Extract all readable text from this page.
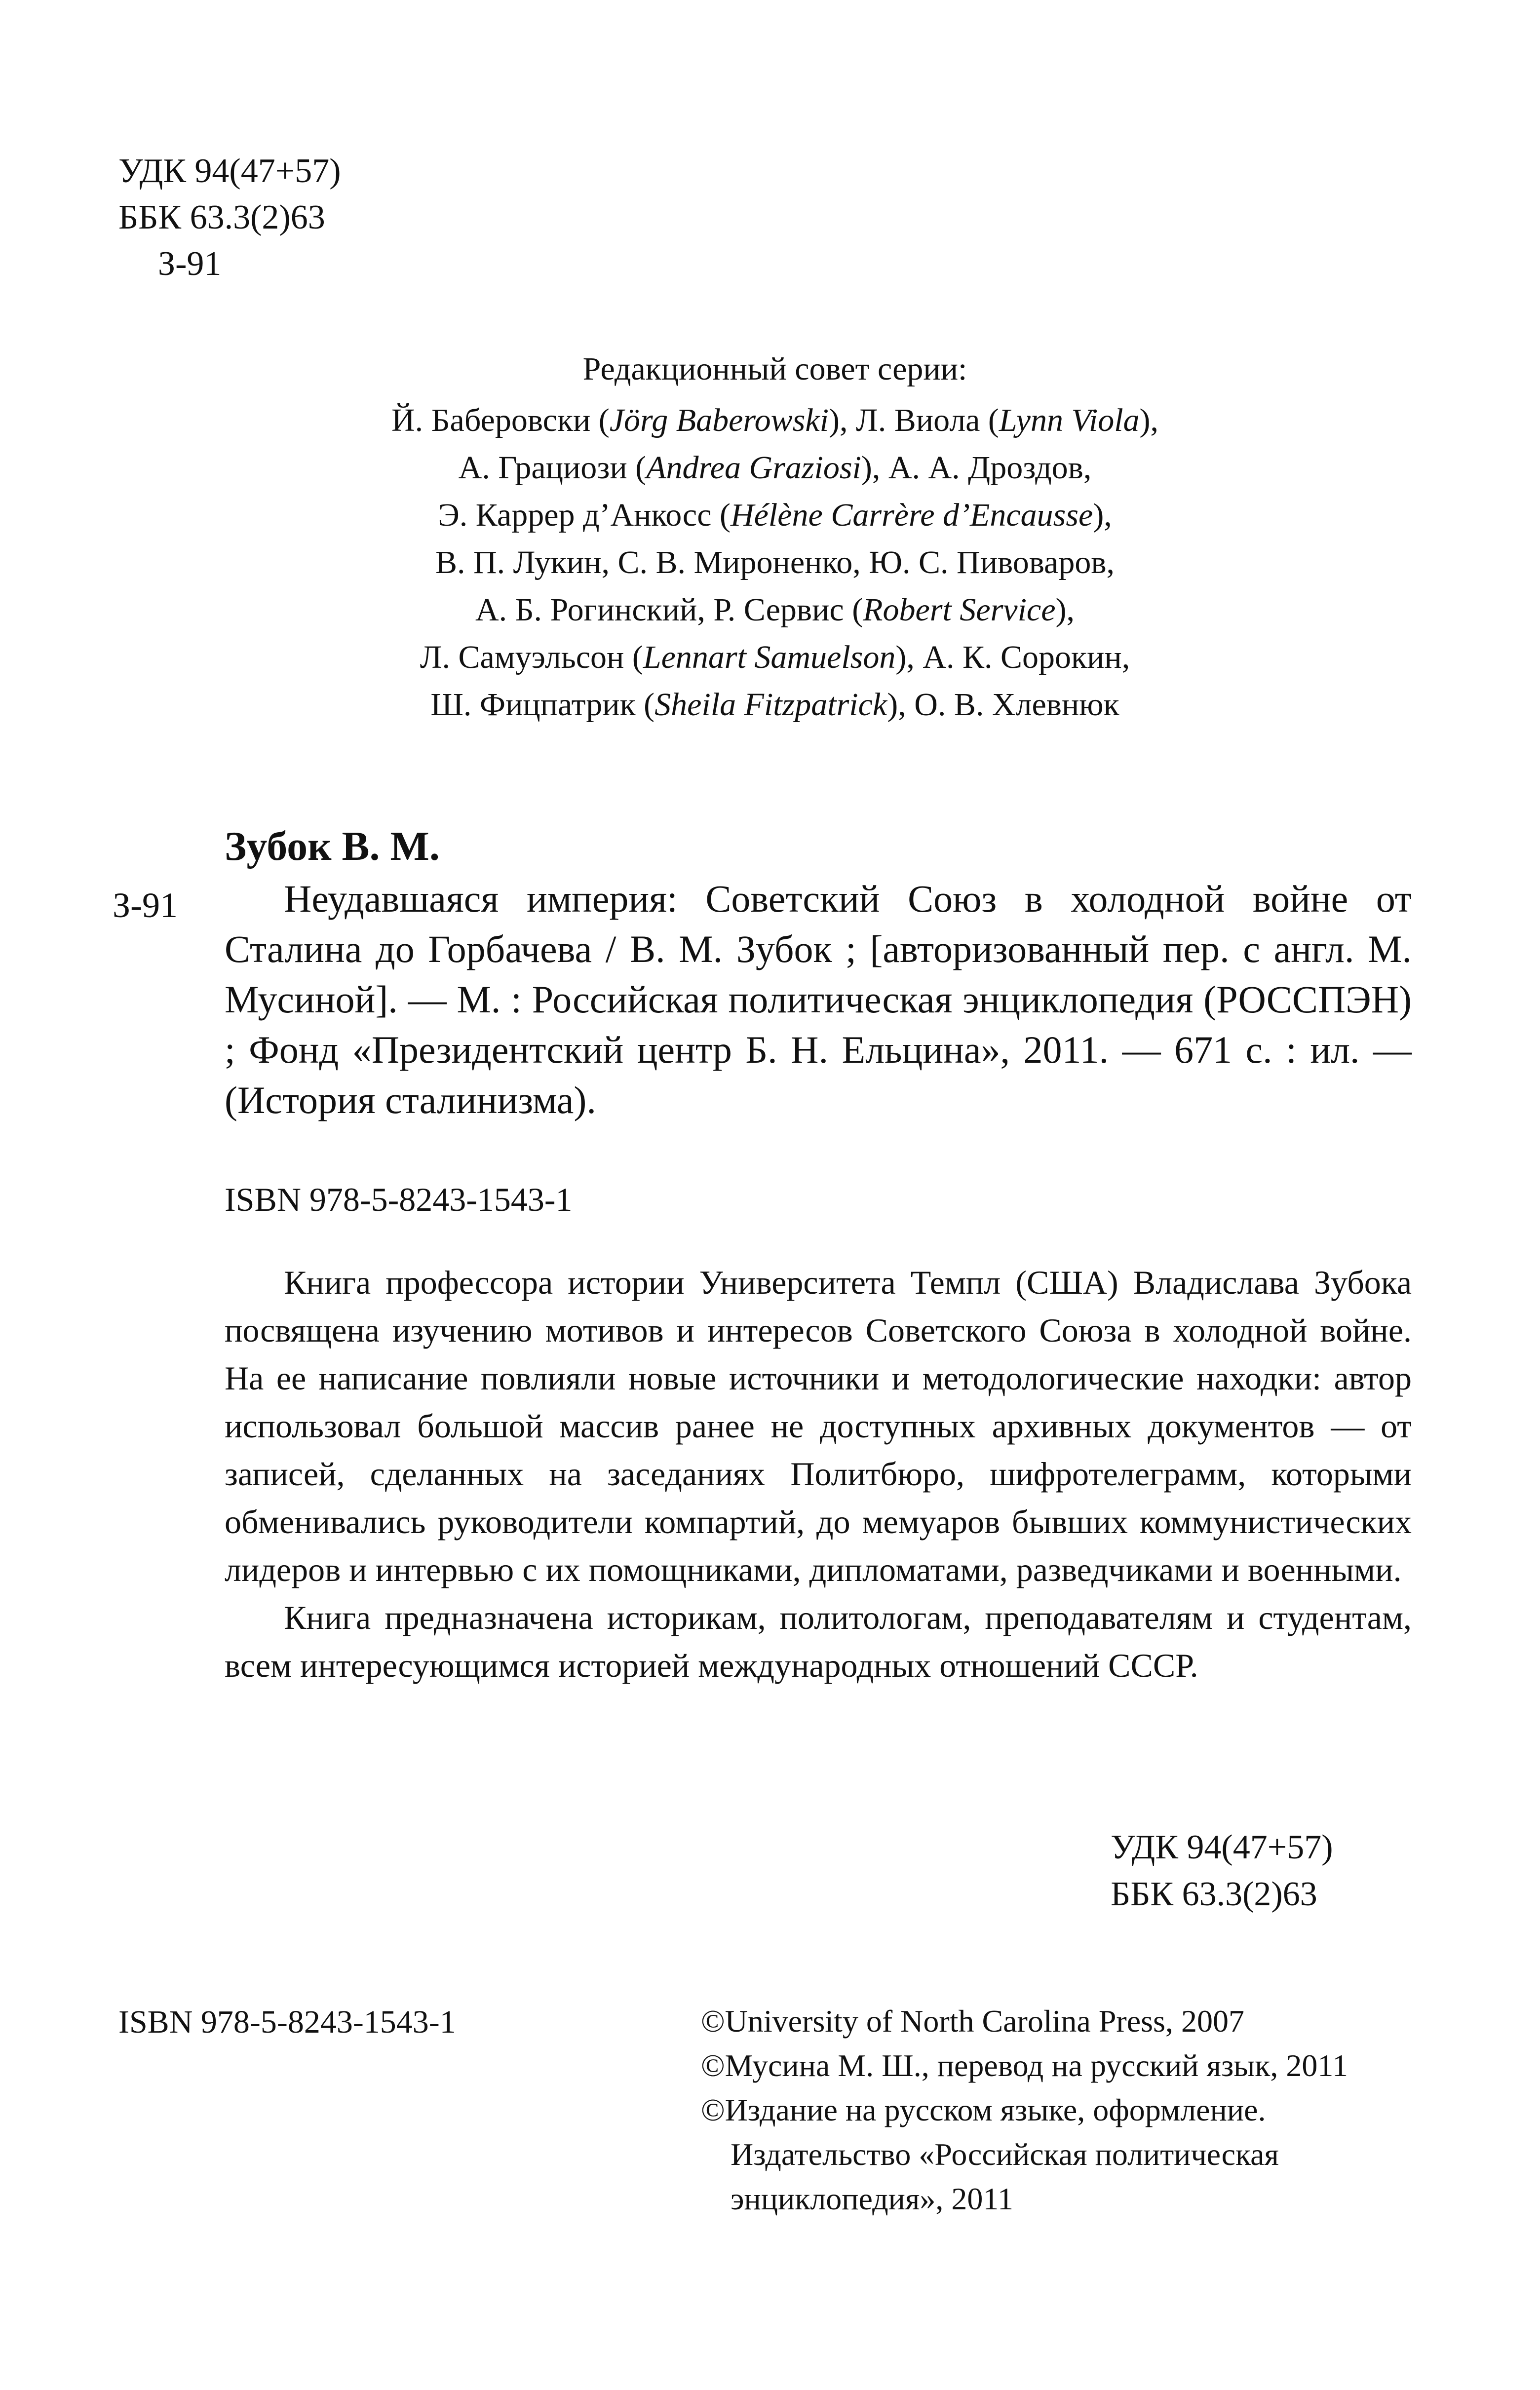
УДК 94(47+57)
ББК 63.3(2)63
З-91
Редакционный совет серии:
Й. Баберовски (Jörg Baberowski), Л. Виола (Lynn Viola),
А. Грациози (Andrea Graziosi), А. А. Дроздов,
Э. Каррер д’Анкосс (Hélène Carrère d’Encausse),
В. П. Лукин, С. В. Мироненко, Ю. С. Пивоваров,
А. Б. Рогинский, Р. Сервис (Robert Service),
Л. Самуэльсон (Lennart Samuelson), А. К. Сорокин,
Ш. Фицпатрик (Sheila Fitzpatrick), О. В. Хлевнюк
Зубок В. М.
З-91	Неудавшаяся империя: Советский Союз в холодной войне от Сталина до Горбачева / В. М. Зубок ; [авторизованный пер. с англ. М. Мусиной]. — М. : Российская политическая энциклопедия (РОССПЭН) ; Фонд «Президентский центр Б. Н. Ельцина», 2011. — 671 с. : ил. — (История сталинизма).
ISBN 978-5-8243-1543-1

Книга профессора истории Университета Темпл (США) Владислава Зубока посвящена изучению мотивов и интересов Советского Союза в холодной войне. На ее написание повлияли новые источники и методологические находки: автор использовал большой массив ранее не доступных архивных документов — от записей, сделанных на заседаниях Политбюро, шифротелеграмм, которыми обменивались руководители компартий, до мемуаров бывших коммунистических лидеров и интервью с их помощниками, дипломатами, разведчиками и военными.

Книга предназначена историкам, политологам, преподавателям и студентам, всем интересующимся историей международных отношений СССР.

УДК 94(47+57)
ББК 63.3(2)63
ISBN 978-5-8243-1543-1	©University of North Carolina Press, 2007
©Мусина М. Ш., перевод на русский язык, 2011
©Издание на русском языке, оформление. Издательство «Российская политическая энциклопедия», 2011
